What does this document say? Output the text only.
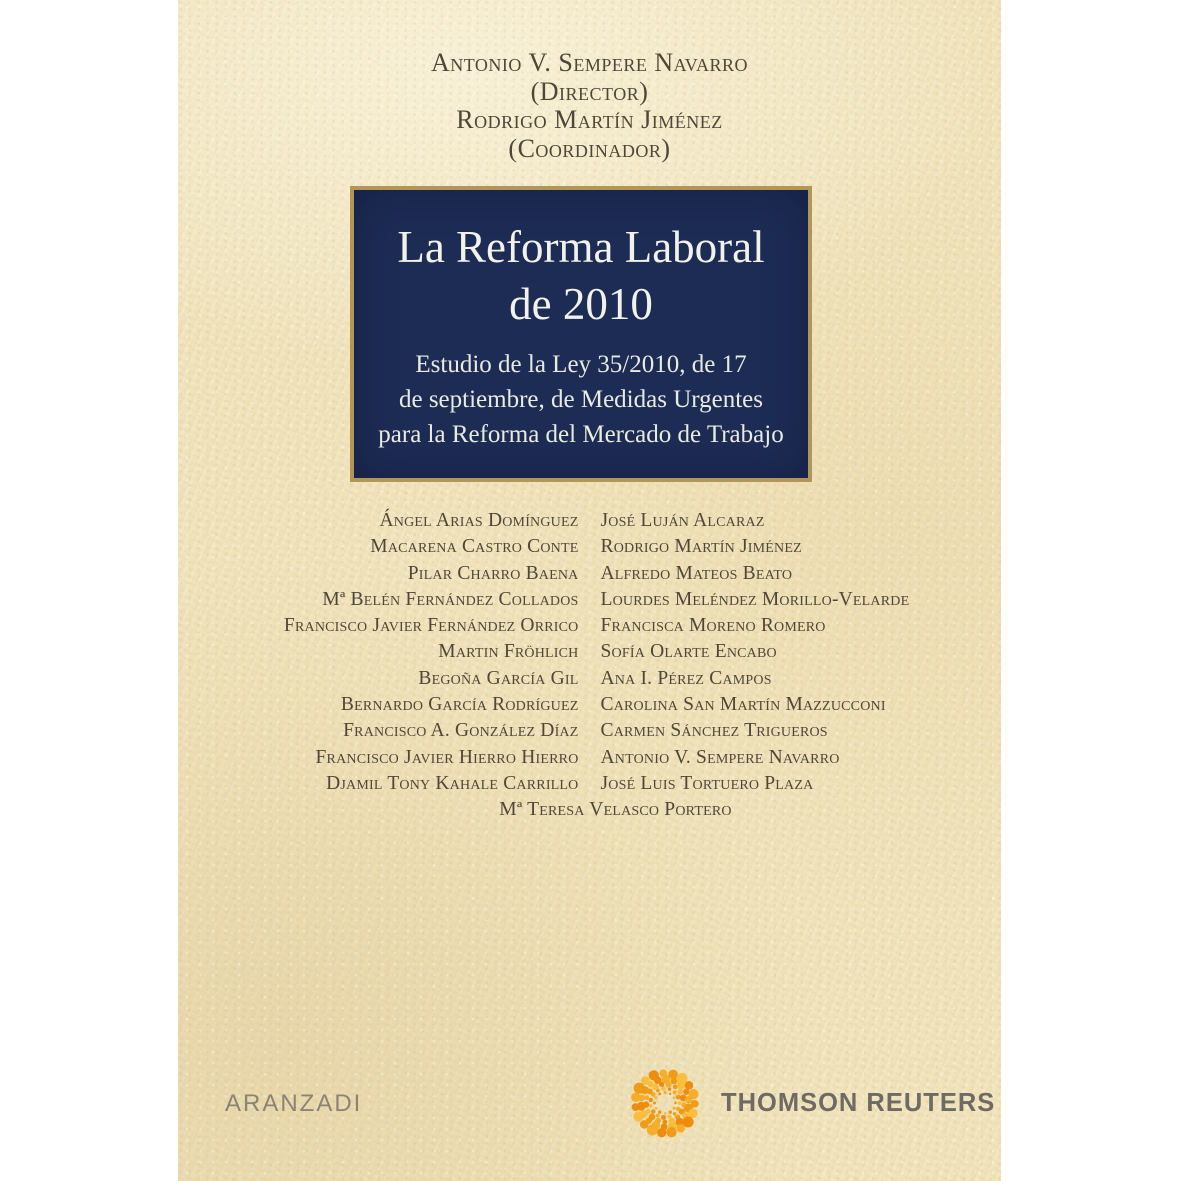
Antonio V. Sempere Navarro
(Director)
Rodrigo Martín Jiménez
(Coordinador)
La Reforma Laboral
de 2010
Estudio de la Ley 35/2010, de 17
de septiembre, de Medidas Urgentes
para la Reforma del Mercado de Trabajo
Ángel Arias Domínguez José Luján Alcaraz
Macarena Castro Conte Rodrigo Martín Jiménez
Pilar Charro Baena Alfredo Mateos Beato
Mª Belén Fernández Collados Lourdes Meléndez Morillo-Velarde
Francisco Javier Fernández Orrico Francisca Moreno Romero
Martin Fröhlich Sofía Olarte Encabo
Begoña García Gil Ana I. Pérez Campos
Bernardo García Rodríguez Carolina San Martín Mazzucconi
Francisco A. González Díaz Carmen Sánchez Trigueros
Francisco Javier Hierro Hierro Antonio V. Sempere Navarro
Djamil Tony Kahale Carrillo José Luis Tortuero Plaza
Mª Teresa Velasco Portero
ARANZADI	THOMSON REUTERS
